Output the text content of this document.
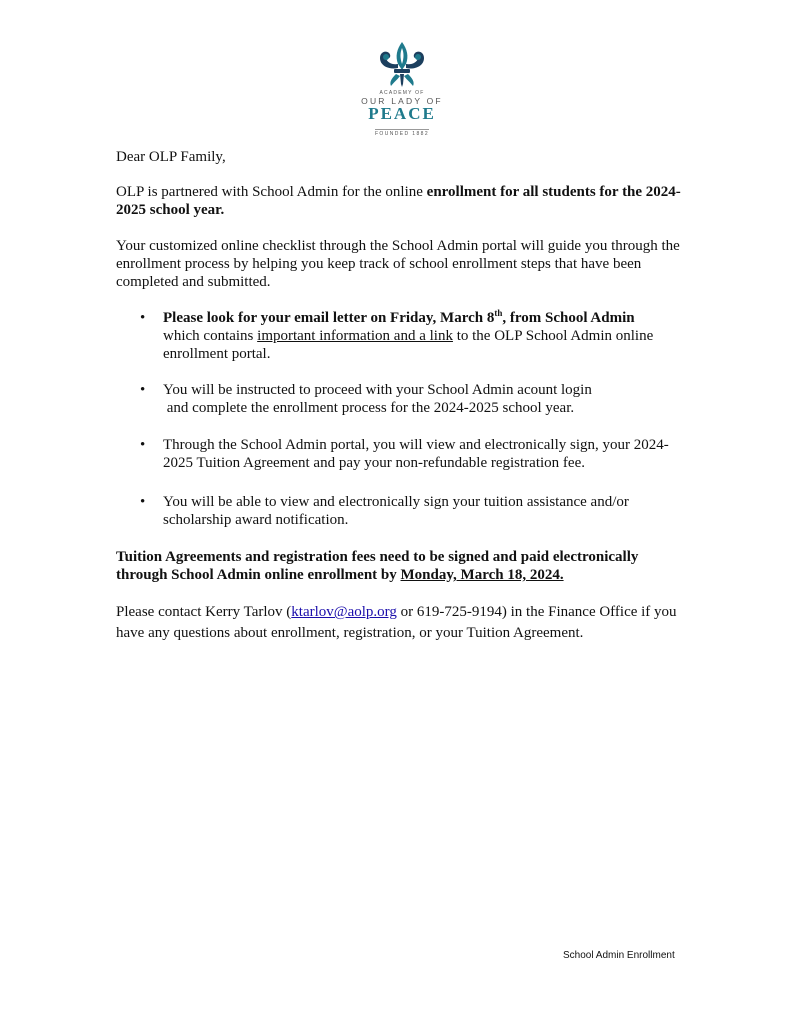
ACADEMY OF
OUR LADY OF
PEACE
FOUNDED 1882

Dear OLP Family,

OLP is partnered with School Admin for the online enrollment for all students for the 2024-2025 school year.

Your customized online checklist through the School Admin portal will guide you through the enrollment process by helping you keep track of school enrollment steps that have been completed and submitted.

• Please look for your email letter on Friday, March 8th, from School Admin
which contains important information and a link to the OLP School Admin online enrollment portal.

• You will be instructed to proceed with your School Admin acount login
and complete the enrollment process for the 2024-2025 school year.

• Through the School Admin portal, you will view and electronically sign, your 2024-2025 Tuition Agreement and pay your non-refundable registration fee.

• You will be able to view and electronically sign your tuition assistance and/or scholarship award notification.

Tuition Agreements and registration fees need to be signed and paid electronically through School Admin online enrollment by Monday, March 18, 2024.

Please contact Kerry Tarlov (ktarlov@aolp.org or 619-725-9194) in the Finance Office if you have any questions about enrollment, registration, or your Tuition Agreement.

School Admin Enrollment
